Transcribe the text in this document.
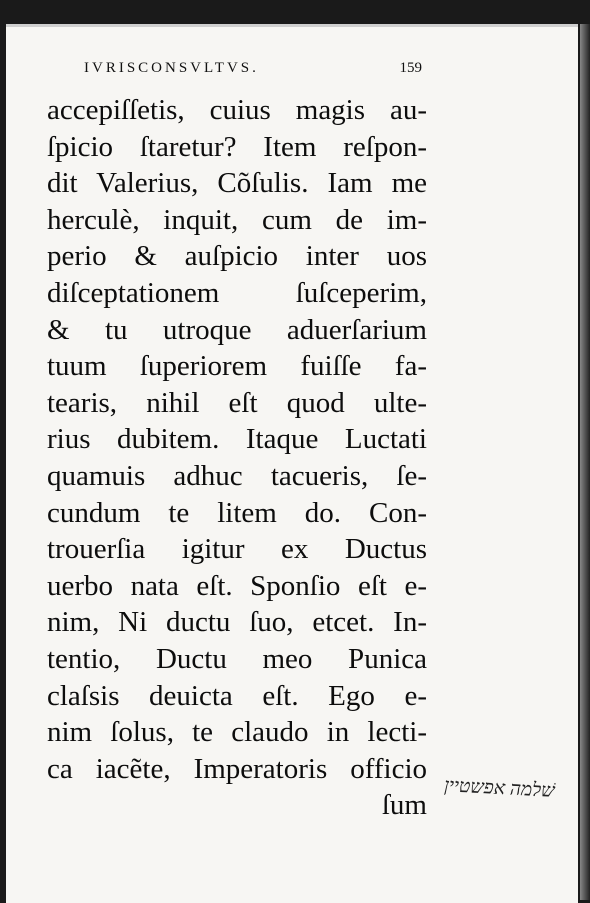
IVRISCONSVLTVS.	159
accepiſſetis, cuius magis au-
ſpicio ſtaretur? Item reſpon-
dit Valerius, Cõſulis. Iam me
herculè, inquit, cum de im-
perio & auſpicio inter uos
diſceptationem ſuſceperim,
& tu utroque aduerſarium
tuum ſuperiorem fuiſſe fa-
tearis, nihil eſt quod ulte-
rius dubitem. Itaque Luctati
quamuis adhuc tacueris, ſe-
cundum te litem do. Con-
trouerſia igitur ex Ductus
uerbo nata eſt. Sponſio eſt e-
nim, Ni ductu ſuo, etcet. In-
tentio, Ductu meo Punica
claſsis deuicta eſt. Ego e-
nim ſolus, te claudo in lecti-
ca iacẽte, Imperatoris officio
ſum
שׁלמה אפשטיין
